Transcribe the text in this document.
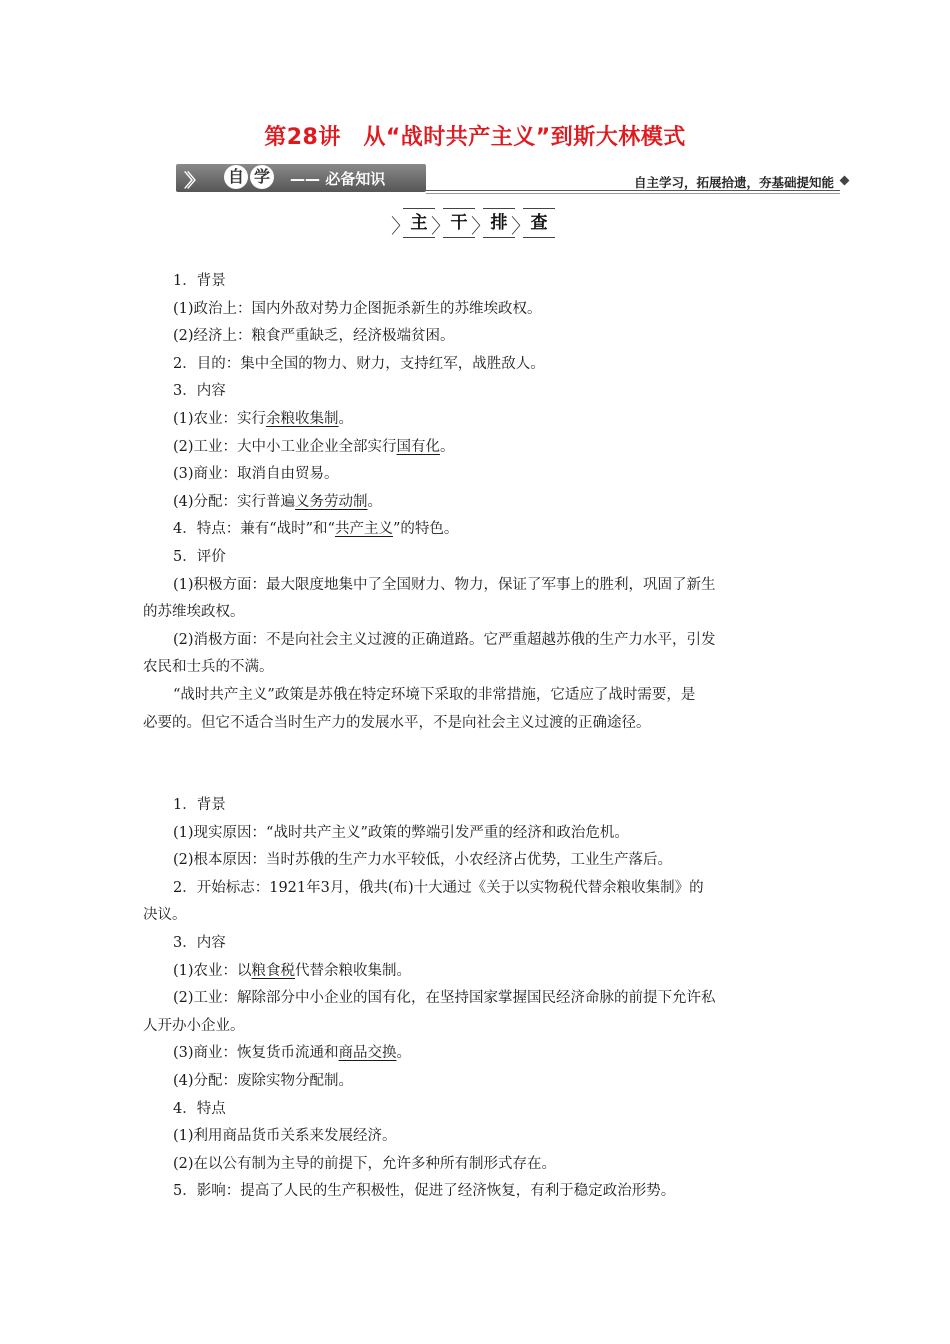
第28讲　从“战时共产主义”到斯大林模式
〉〉 自 学	—— 必备知识	自主学习，拓展拾遗，夯基础提知能
〉 主 〉 干 〉 排 〉 查
1．背景
(1)政治上：国内外敌对势力企图扼杀新生的苏维埃政权。
(2)经济上：粮食严重缺乏，经济极端贫困。
2．目的：集中全国的物力、财力，支持红军，战胜敌人。
3．内容
(1)农业：实行余粮收集制。
(2)工业：大中小工业企业全部实行国有化。
(3)商业：取消自由贸易。
(4)分配：实行普遍义务劳动制。
4．特点：兼有“战时”和“共产主义”的特色。
5．评价
(1)积极方面：最大限度地集中了全国财力、物力，保证了军事上的胜利，巩固了新生
的苏维埃政权。
(2)消极方面：不是向社会主义过渡的正确道路。它严重超越苏俄的生产力水平，引发
农民和士兵的不满。
“战时共产主义”政策是苏俄在特定环境下采取的非常措施，它适应了战时需要，是
必要的。但它不适合当时生产力的发展水平，不是向社会主义过渡的正确途径。
1．背景
(1)现实原因：“战时共产主义”政策的弊端引发严重的经济和政治危机。
(2)根本原因：当时苏俄的生产力水平较低，小农经济占优势，工业生产落后。
2．开始标志：1921年3月，俄共(布)十大通过《关于以实物税代替余粮收集制》的
决议。
3．内容
(1)农业：以粮食税代替余粮收集制。
(2)工业：解除部分中小企业的国有化，在坚持国家掌握国民经济命脉的前提下允许私
人开办小企业。
(3)商业：恢复货币流通和商品交换。
(4)分配：废除实物分配制。
4．特点
(1)利用商品货币关系来发展经济。
(2)在以公有制为主导的前提下，允许多种所有制形式存在。
5．影响：提高了人民的生产积极性，促进了经济恢复，有利于稳定政治形势。
